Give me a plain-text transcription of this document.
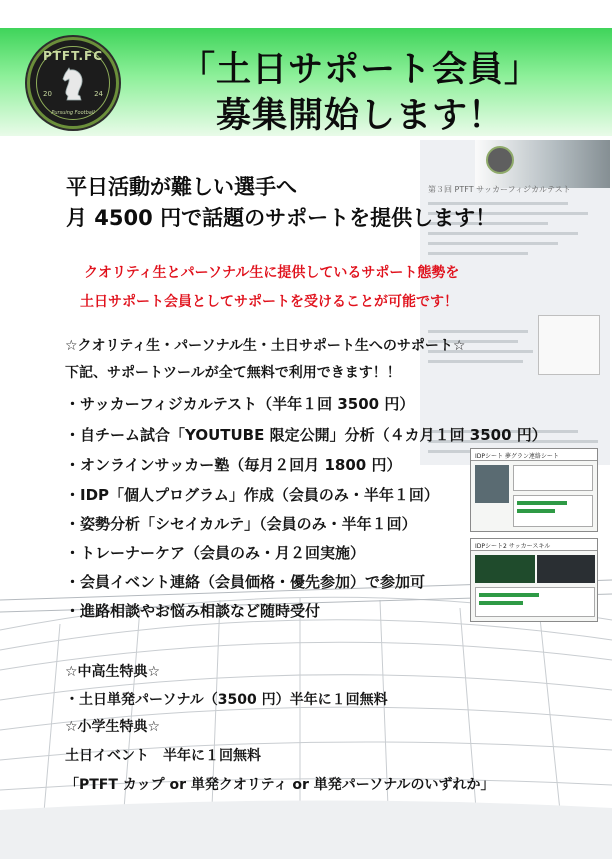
PTFT.FC
20	24
Pursuing Football
「土日サポート会員」
募集開始します！
第３回 PTFT サッカーフィジカルテスト
平日活動が難しい選手へ
月 4500 円で話題のサポートを提供します！
クオリティ生とパーソナル生に提供しているサポート態勢を
土日サポート会員としてサポートを受けることが可能です！
IDPシート 夢グラン連絡シート
IDPシート2 サッカースキル
☆クオリティ生・パーソナル生・土日サポート生へのサポート☆
下記、サポートツールが全て無料で利用できます！！
・サッカーフィジカルテスト（半年１回 3500 円）
・自チーム試合「YOUTUBE 限定公開」分析（４カ月１回 3500 円）
・オンラインサッカー塾（毎月２回月 1800 円）
・IDP「個人プログラム」作成（会員のみ・半年１回）
・姿勢分析「シセイカルテ」（会員のみ・半年１回）
・トレーナーケア（会員のみ・月２回実施）
・会員イベント連絡（会員価格・優先参加）で参加可
・進路相談やお悩み相談など随時受付
☆中高生特典☆
・土日単発パーソナル（3500 円）半年に１回無料
☆小学生特典☆
土日イベント　半年に１回無料
「PTFT カップ or 単発クオリティ or 単発パーソナルのいずれか」
